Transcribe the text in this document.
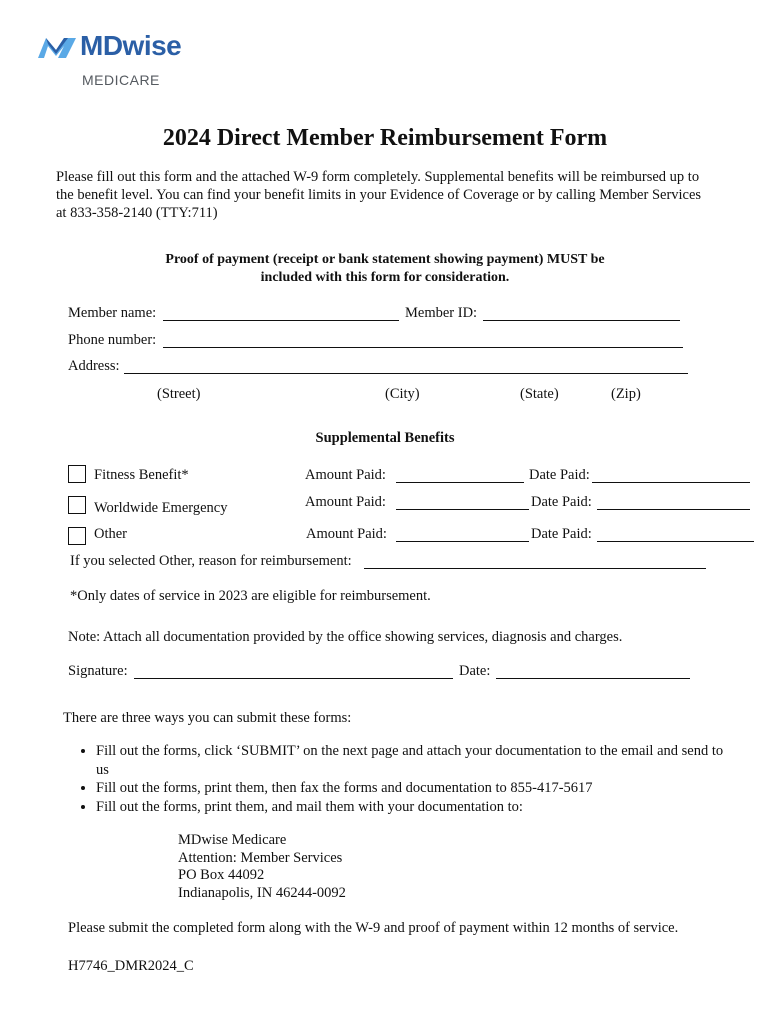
MDwise
MEDICARE
2024 Direct Member Reimbursement Form
Please fill out this form and the attached W-9 form completely. Supplemental benefits will be reimbursed up to the benefit level. You can find your benefit limits in your Evidence of Coverage or by calling Member Services at 833-358-2140 (TTY:711)
Proof of payment (receipt or bank statement showing payment) MUST be
included with this form for consideration.
Member name:	Member ID:
Phone number:
Address:
(Street)	(City)	(State)	(Zip)
Supplemental Benefits
Fitness Benefit*	Amount Paid:	Date Paid:
Worldwide Emergency	Amount Paid:	Date Paid:
Other	Amount Paid:	Date Paid:
If you selected Other, reason for reimbursement:
*Only dates of service in 2023 are eligible for reimbursement.
Note: Attach all documentation provided by the office showing services, diagnosis and charges.
Signature:	Date:
There are three ways you can submit these forms:
• Fill out the forms, click ‘SUBMIT’ on the next page and attach your documentation to the email and send to us
• Fill out the forms, print them, then fax the forms and documentation to 855-417-5617
• Fill out the forms, print them, and mail them with your documentation to:
MDwise Medicare
Attention: Member Services
PO Box 44092
Indianapolis, IN 46244-0092
Please submit the completed form along with the W-9 and proof of payment within 12 months of service.
H7746_DMR2024_C
